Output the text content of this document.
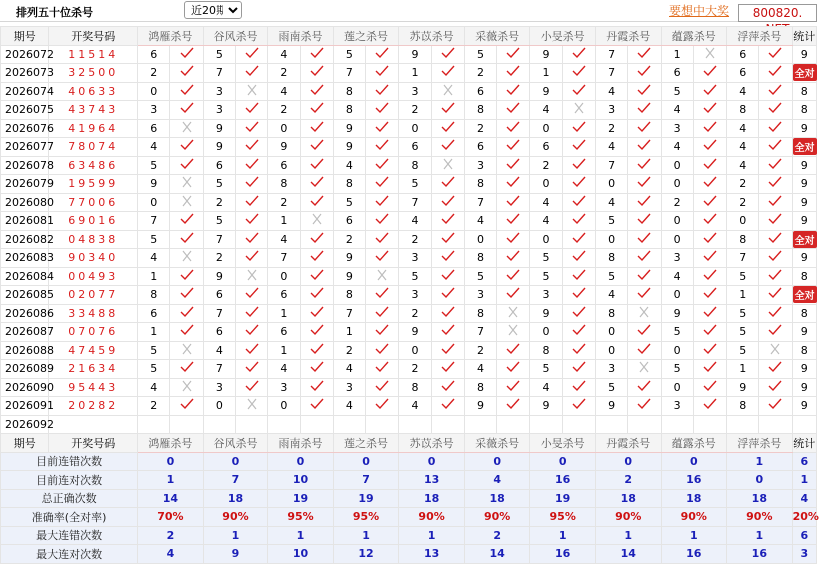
排列五十位杀号
近20期	要想中大奖	800820.
期号	开奖号码	鸿雁杀号		谷风杀号		雨南杀号		莲之杀号		苏苡杀号		采薇杀号		小旻杀号		丹霞杀号		蕴露杀号		浮萍杀号		统计
2026072	11514	6		5		4		5		9		5		9		7		1		6		9
2026073	32500	2		7		2		7		1		2		1		7		6		6		全对
2026074	40633	0		3		4		8		3		6		9		4		5		4		8
2026075	43743	3		3		2		8		2		8		4		3		4		8		8
2026076	41964	6		9		0		9		0		2		0		2		3		4		9
2026077	78074	4		9		9		9		6		6		6		4		4		4		全对
2026078	63486	5		6		6		4		8		3		2		7		0		4		9
2026079	19599	9		5		8		8		5		8		0		0		0		2		9
2026080	77006	0		2		2		5		7		7		4		4		2		2		9
2026081	69016	7		5		1		6		4		4		4		5		0		0		9
2026082	04838	5		7		4		2		2		0		0		0		0		8		全对
2026083	90340	4		2		7		9		3		8		5		8		3		7		9
2026084	00493	1		9		0		9		5		5		5		5		4		5		8
2026085	02077	8		6		6		8		3		3		3		4		0		1		全对
2026086	33488	6		7		1		7		2		8		9		8		9		5		8
2026087	07076	1		6		6		1		9		7		0		0		5		5		9
2026088	47459	5		4		1		2		0		2		8		0		0		5		8
2026089	21634	5		7		4		4		2		4		5		3		5		1		9
2026090	95443	4		3		3		3		8		8		4		5		0		9		9
2026091	20282	2		0		0		4		4		9		9		9		3		8		9
2026092	当前期杀号	6		0		0		8		8		6		6		3		1		3		
期号	开奖号码	鸿雁杀号		谷风杀号		雨南杀号		莲之杀号		苏苡杀号		采薇杀号		小旻杀号		丹霞杀号		蕴露杀号		浮萍杀号		统计
目前连错次数		0		0		0		0		0		0		0		0		0		1		6
目前连对次数		1		7		10		7		13		4		16		2		16		0		1
总正确次数		14		18		19		19		18		18		19		18		18		18		4
准确率(全对率)		70%		90%		95%		95%		90%		90%		95%		90%		90%		90%		20%
最大连错次数		2		1		1		1		1		2		1		1		1		1		6
最大连对次数		4		9		10		12		13		14		16		14		16		16		3
